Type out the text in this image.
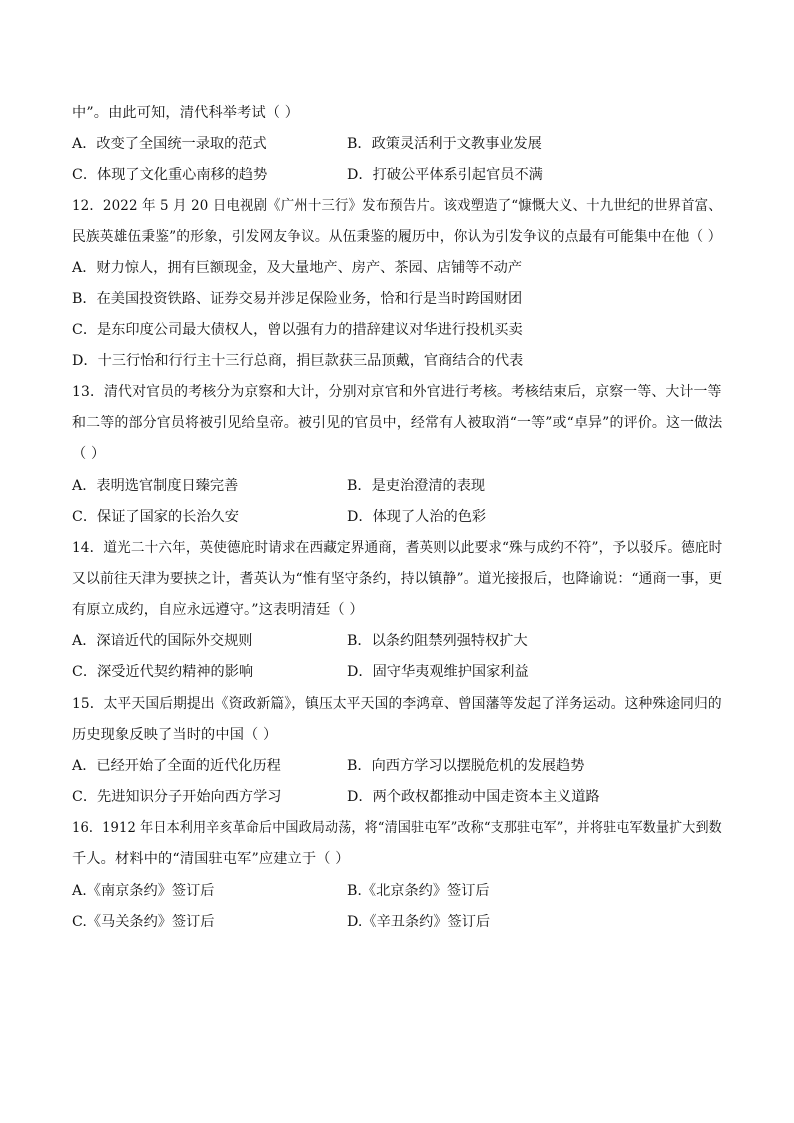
中”。由此可知，清代科举考试（ ）
A．改变了全国统一录取的范式	B．政策灵活利于文教事业发展
C．体现了文化重心南移的趋势	D．打破公平体系引起官员不满
12．2022 年 5 月 20 日电视剧《广州十三行》发布预告片。该戏塑造了“慷慨大义、十九世纪的世界首富、
民族英雄伍秉鉴”的形象，引发网友争议。从伍秉鉴的履历中，你认为引发争议的点最有可能集中在他（ ）
A．财力惊人，拥有巨额现金，及大量地产、房产、茶园、店铺等不动产
B．在美国投资铁路、证券交易并涉足保险业务，恰和行是当时跨国财团
C．是东印度公司最大债权人，曾以强有力的措辞建议对华进行投机买卖
D．十三行怡和行行主十三行总商，捐巨款获三品顶戴，官商结合的代表
13．清代对官员的考核分为京察和大计，分别对京官和外官进行考核。考核结束后，京察一等、大计一等
和二等的部分官员将被引见给皇帝。被引见的官员中，经常有人被取消“一等”或“卓异”的评价。这一做法
（ ）
A．表明选官制度日臻完善	B．是吏治澄清的表现
C．保证了国家的长治久安	D．体现了人治的色彩
14．道光二十六年，英使德庇时请求在西藏定界通商，耆英则以此要求“殊与成约不符”，予以驳斥。德庇时
又以前往天津为要挟之计，耆英认为“惟有坚守条约，持以镇静”。道光接报后，也降谕说：“通商一事，更
有原立成约，自应永远遵守。”这表明清廷（ ）
A．深谙近代的国际外交规则	B．以条约阻禁列强特权扩大
C．深受近代契约精神的影响	D．固守华夷观维护国家利益
15．太平天国后期提出《资政新篇》，镇压太平天国的李鸿章、曾国藩等发起了洋务运动。这种殊途同归的
历史现象反映了当时的中国（ ）
A．已经开始了全面的近代化历程	B．向西方学习以摆脱危机的发展趋势
C．先进知识分子开始向西方学习	D．两个政权都推动中国走资本主义道路
16．1912 年日本利用辛亥革命后中国政局动荡，将“清国驻屯军”改称“支那驻屯军”，并将驻屯军数量扩大到数
千人。材料中的“清国驻屯军”应建立于（ ）
A.《南京条约》签订后	B.《北京条约》签订后
C.《马关条约》签订后	D.《辛丑条约》签订后
